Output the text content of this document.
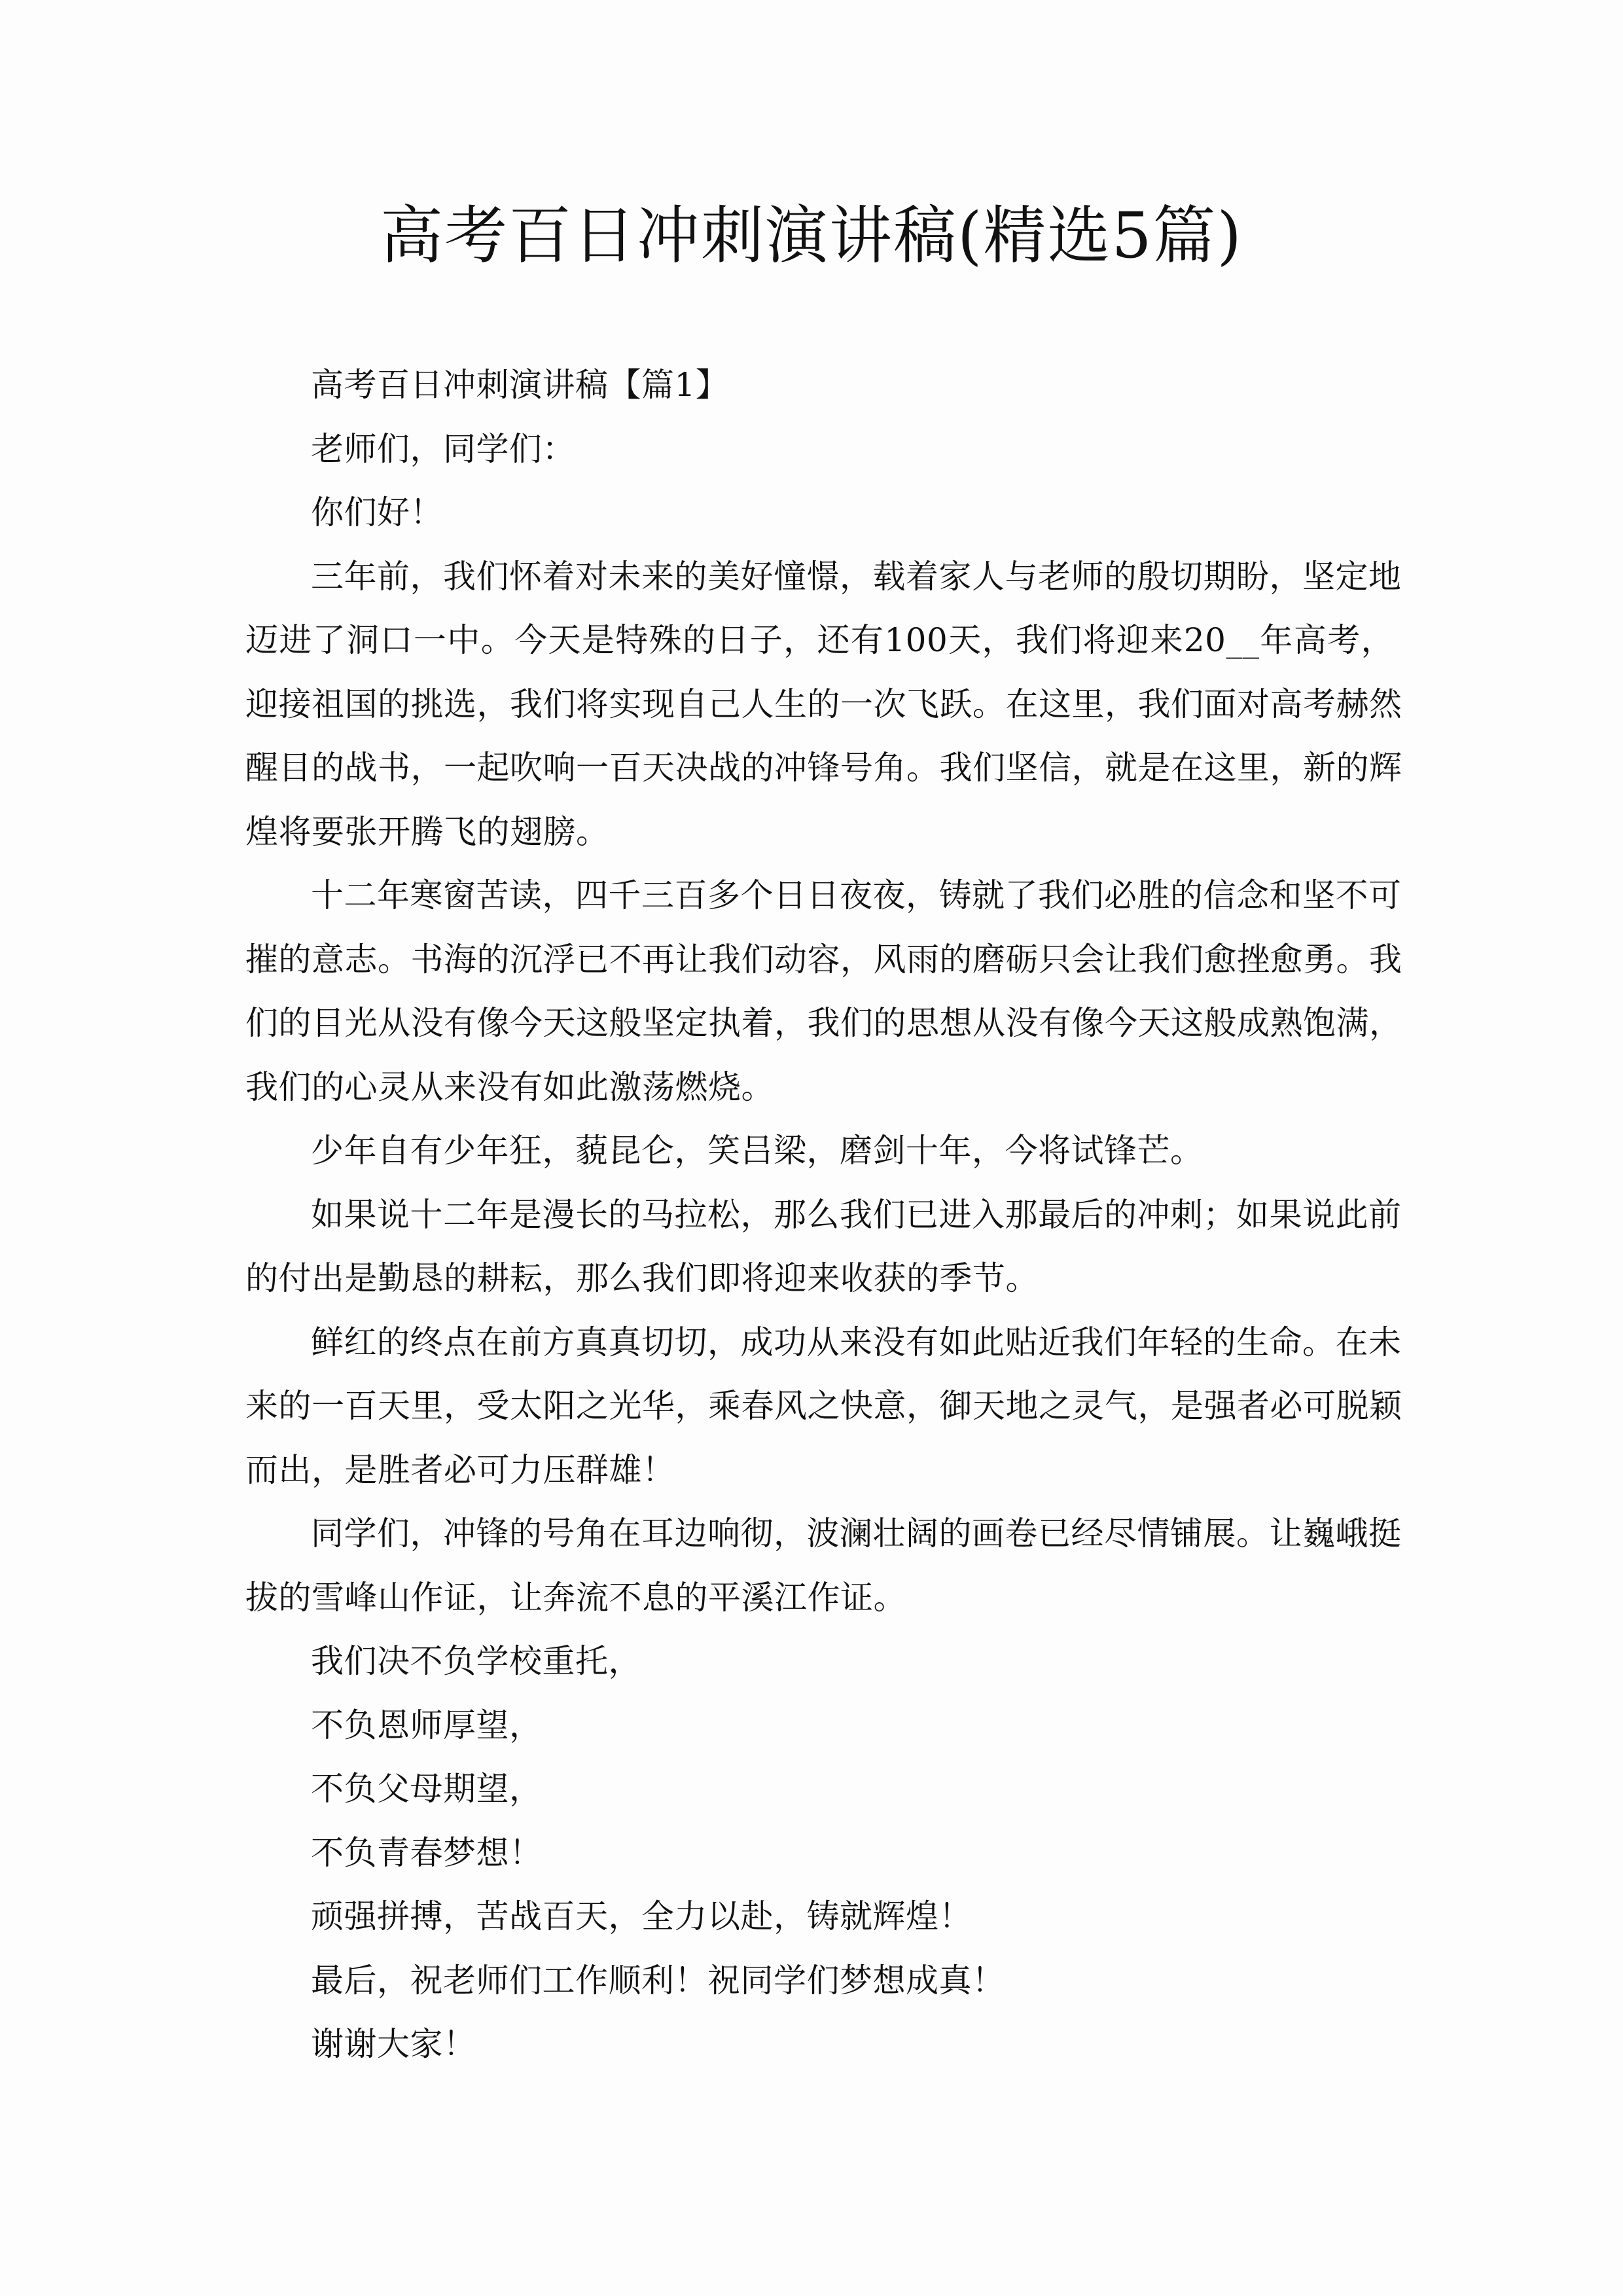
高考百日冲刺演讲稿(精选5篇)
高考百日冲刺演讲稿【篇1】
老师们，同学们：
你们好！
三年前，我们怀着对未来的美好憧憬，载着家人与老师的殷切期盼，坚定地
迈进了洞口一中。今天是特殊的日子，还有100天，我们将迎来20__年高考，
迎接祖国的挑选，我们将实现自己人生的一次飞跃。在这里，我们面对高考赫然
醒目的战书，一起吹响一百天决战的冲锋号角。我们坚信，就是在这里，新的辉
煌将要张开腾飞的翅膀。
十二年寒窗苦读，四千三百多个日日夜夜，铸就了我们必胜的信念和坚不可
摧的意志。书海的沉浮已不再让我们动容，风雨的磨砺只会让我们愈挫愈勇。我
们的目光从没有像今天这般坚定执着，我们的思想从没有像今天这般成熟饱满，
我们的心灵从来没有如此激荡燃烧。
少年自有少年狂，藐昆仑，笑吕梁，磨剑十年，今将试锋芒。
如果说十二年是漫长的马拉松，那么我们已进入那最后的冲刺；如果说此前
的付出是勤恳的耕耘，那么我们即将迎来收获的季节。
鲜红的终点在前方真真切切，成功从来没有如此贴近我们年轻的生命。在未
来的一百天里，受太阳之光华，乘春风之快意，御天地之灵气，是强者必可脱颖
而出，是胜者必可力压群雄！
同学们，冲锋的号角在耳边响彻，波澜壮阔的画卷已经尽情铺展。让巍峨挺
拔的雪峰山作证，让奔流不息的平溪江作证。
我们决不负学校重托，
不负恩师厚望，
不负父母期望，
不负青春梦想！
顽强拼搏，苦战百天，全力以赴，铸就辉煌！
最后，祝老师们工作顺利！祝同学们梦想成真！
谢谢大家！
